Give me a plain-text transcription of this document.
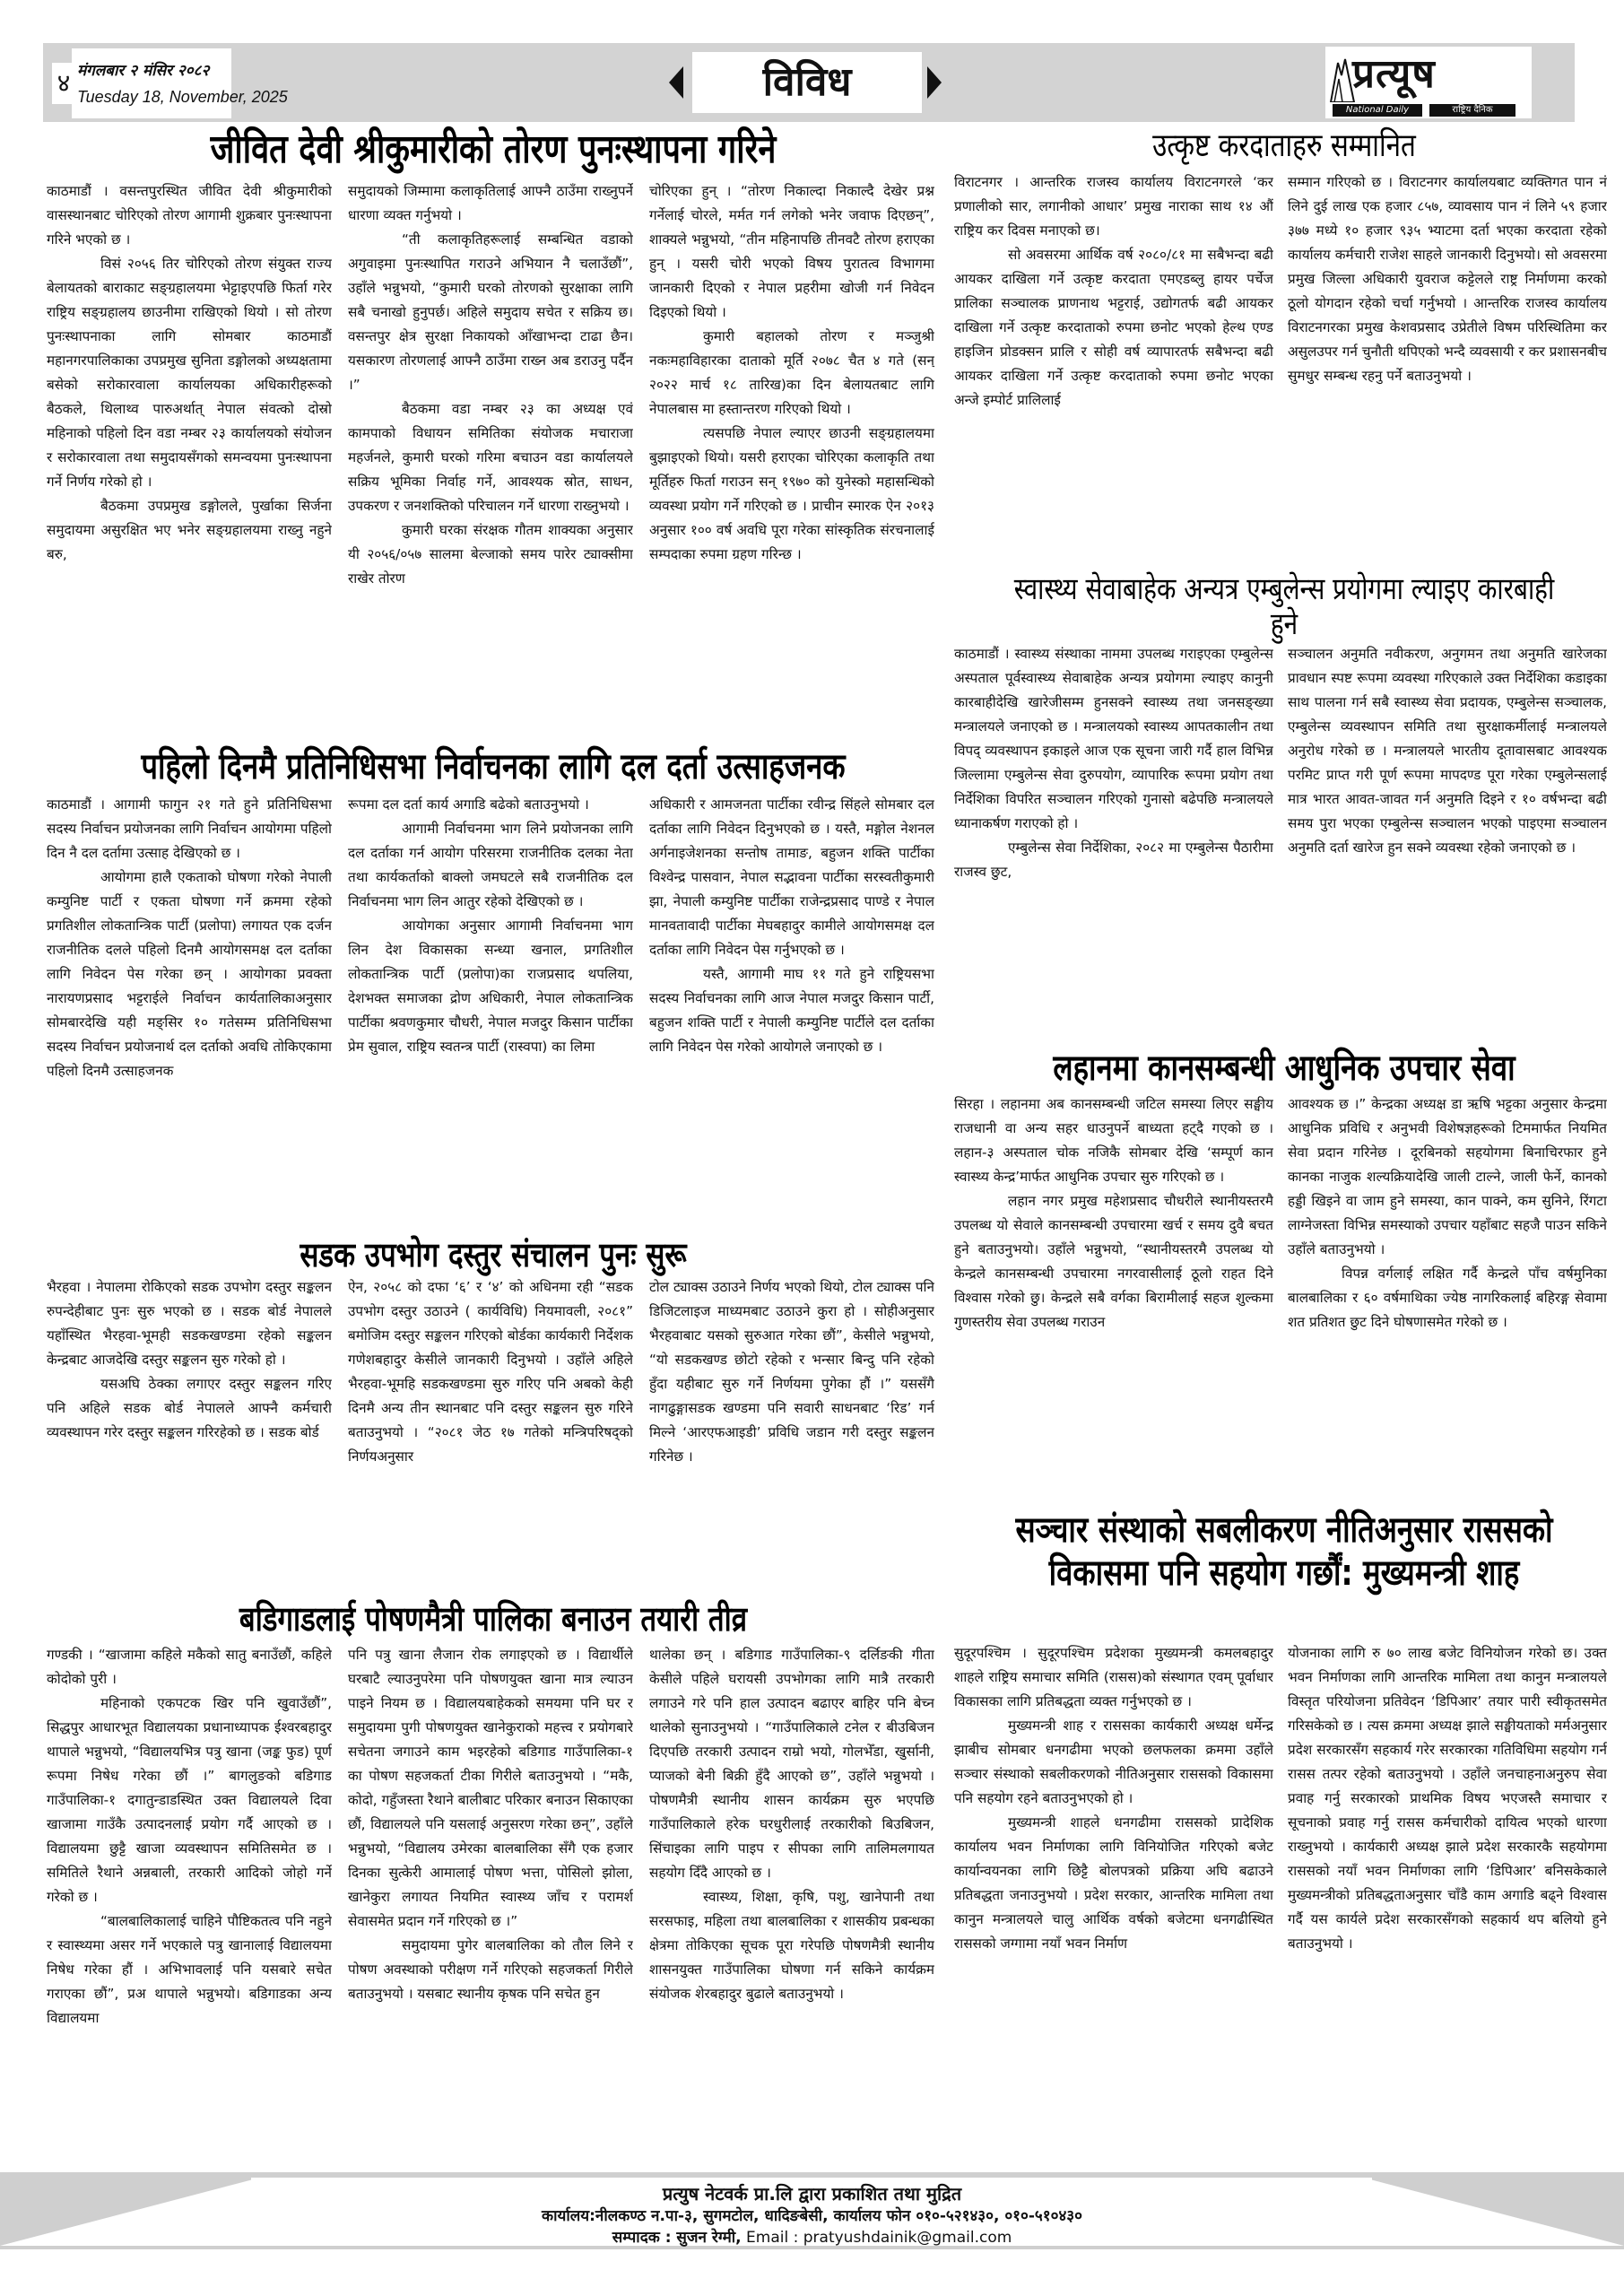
४ मंगलबार २ मंसिर २०८२
Tuesday 18, November, 2025	विविध	प्रत्यूष
National Daily	राष्ट्रिय दैनिक
जीवित देवी श्रीकुमारीको तोरण पुनःस्थापना गरिने

काठमाडौं । वसन्तपुरस्थित जीवित देवी श्रीकुमारीको वासस्थानबाट चोरिएको तोरण आगामी शुक्रबार पुनःस्थापना गरिने भएको छ ।

विसं २०५६ तिर चोरिएको तोरण संयुक्त राज्य बेलायतको बाराकाट सङ्ग्रहालयमा भेट्टाइएपछि फिर्ता गरेर राष्ट्रिय सङ्ग्रहालय छाउनीमा राखिएको थियो । सो तोरण पुनःस्थापनाका लागि सोमबार काठमाडौं महानगरपालिकाका उपप्रमुख सुनिता डङ्गोलको अध्यक्षतामा बसेको सरोकारवाला कार्यालयका अधिकारीहरूको बैठकले, थिलाथ्व पारुअर्थात् नेपाल संवत्को दोस्रो महिनाको पहिलो दिन वडा नम्बर २३ कार्यालयको संयोजन र सरोकारवाला तथा समुदायसँगको समन्वयमा पुनःस्थापना गर्ने निर्णय गरेको हो ।

बैठकमा उपप्रमुख डङ्गोलले, पुर्खाका सिर्जना समुदायमा असुरक्षित भए भनेर सङ्ग्रहालयमा राख्नु नहुने बरु,

समुदायको जिम्मामा कलाकृतिलाई आफ्नै ठाउँमा राख्नुपर्ने धारणा व्यक्त गर्नुभयो ।

“ती कलाकृतिहरूलाई सम्बन्धित वडाको अगुवाइमा पुनःस्थापित गराउने अभियान नै चलाउँछौं”, उहाँले भन्नुभयो, “कुमारी घरको तोरणको सुरक्षाका लागि सबै चनाखो हुनुपर्छ। अहिले समुदाय सचेत र सक्रिय छ। वसन्तपुर क्षेत्र सुरक्षा निकायको आँखाभन्दा टाढा छैन। यसकारण तोरणलाई आफ्नै ठाउँमा राख्न अब डराउनु पर्दैन ।”

बैठकमा वडा नम्बर २३ का अध्यक्ष एवं कामपाको विधायन समितिका संयोजक मचाराजा महर्जनले, कुमारी घरको गरिमा बचाउन वडा कार्यालयले सक्रिय भूमिका निर्वाह गर्ने, आवश्यक स्रोत, साधन, उपकरण र जनशक्तिको परिचालन गर्ने धारणा राख्नुभयो ।

कुमारी घरका संरक्षक गौतम शाक्यका अनुसार यी २०५६/०५७ सालमा बेल्जाको समय पारेर ट्याक्सीमा राखेर तोरण

चोरिएका हुन् । “तोरण निकाल्दा निकाल्दै देखेर प्रश्न गर्नेलाई चोरले, मर्मत गर्न लगेको भनेर जवाफ दिएछन्”, शाक्यले भन्नुभयो, “तीन महिनापछि तीनवटै तोरण हराएका हुन् । यसरी चोरी भएको विषय पुरातत्व विभागमा जानकारी दिएको र नेपाल प्रहरीमा खोजी गर्न निवेदन दिइएको थियो ।

कुमारी बहालको तोरण र मञ्जुश्री नकःमहाविहारका दाताको मूर्ति २०७८ चैत ४ गते (सन् २०२२ मार्च १८ तारिख)का दिन बेलायतबाट लागि नेपालबास मा हस्तान्तरण गरिएको थियो ।

त्यसपछि नेपाल ल्याएर छाउनी सङ्ग्रहालयमा बुझाइएको थियो। यसरी हराएका चोरिएका कलाकृति तथा मूर्तिहरु फिर्ता गराउन सन् १९७० को युनेस्को महासन्धिको व्यवस्था प्रयोग गर्ने गरिएको छ । प्राचीन स्मारक ऐन २०१३ अनुसार १०० वर्ष अवधि पूरा गरेका सांस्कृतिक संरचनालाई सम्पदाका रुपमा ग्रहण गरिन्छ ।

उत्कृष्ट करदाताहरु सम्मानित

विराटनगर । आन्तरिक राजस्व कार्यालय विराटनगरले ‘कर प्रणालीको सार, लगानीको आधार’ प्रमुख नाराका साथ १४ औं राष्ट्रिय कर दिवस मनाएको छ।

सो अवसरमा आर्थिक वर्ष २०८०/८१ मा सबैभन्दा बढी आयकर दाखिला गर्ने उत्कृष्ट करदाता एमएडब्लु हायर पर्चेज प्रालिका सञ्चालक प्राणनाथ भट्टराई, उद्योगतर्फ बढी आयकर दाखिला गर्ने उत्कृष्ट करदाताको रुपमा छनोट भएको हेल्थ एण्ड हाइजिन प्रोडक्सन प्रालि र सोही वर्ष व्यापारतर्फ सबैभन्दा बढी आयकर दाखिला गर्ने उत्कृष्ट करदाताको रुपमा छनोट भएका अन्जे इम्पोर्ट प्रालिलाई

सम्मान गरिएको छ । विराटनगर कार्यालयबाट व्यक्तिगत पान नं लिने दुई लाख एक हजार ८५७, व्यावसाय पान नं लिने ५९ हजार ३७७ मध्ये १० हजार ९३५ भ्याटमा दर्ता भएका करदाता रहेको कार्यालय कर्मचारी राजेश साहले जानकारी दिनुभयो। सो अवसरमा प्रमुख जिल्ला अधिकारी युवराज कट्टेलले राष्ट्र निर्माणमा करको ठूलो योगदान रहेको चर्चा गर्नुभयो । आन्तरिक राजस्व कार्यालय विराटनगरका प्रमुख केशवप्रसाद उप्रेतीले विषम परिस्थितिमा कर असुलउपर गर्न चुनौती थपिएको भन्दै व्यवसायी र कर प्रशासनबीच सुमधुर सम्बन्ध रहनु पर्ने बताउनुभयो ।

स्वास्थ्य सेवाबाहेक अन्यत्र एम्बुलेन्स प्रयोगमा ल्याइए कारबाही हुने

काठमाडौं । स्वास्थ्य संस्थाका नाममा उपलब्ध गराइएका एम्बुलेन्स अस्पताल पूर्वस्वास्थ्य सेवाबाहेक अन्यत्र प्रयोगमा ल्याइए कानुनी कारबाहीदेखि खारेजीसम्म हुनसक्ने स्वास्थ्य तथा जनसङ्ख्या मन्त्रालयले जनाएको छ । मन्त्रालयको स्वास्थ्य आपतकालीन तथा विपद् व्यवस्थापन इकाइले आज एक सूचना जारी गर्दै हाल विभिन्न जिल्लामा एम्बुलेन्स सेवा दुरुपयोग, व्यापारिक रूपमा प्रयोग तथा निर्देशिका विपरित सञ्चालन गरिएको गुनासो बढेपछि मन्त्रालयले ध्यानाकर्षण गराएको हो ।

एम्बुलेन्स सेवा निर्देशिका, २०८२ मा एम्बुलेन्स पैठारीमा राजस्व छुट,

सञ्चालन अनुमति नवीकरण, अनुगमन तथा अनुमति खारेजका प्रावधान स्पष्ट रूपमा व्यवस्था गरिएकाले उक्त निर्देशिका कडाइका साथ पालना गर्न सबै स्वास्थ्य सेवा प्रदायक, एम्बुलेन्स सञ्चालक, एम्बुलेन्स व्यवस्थापन समिति तथा सुरक्षाकर्मीलाई मन्त्रालयले अनुरोध गरेको छ । मन्त्रालयले भारतीय दूतावासबाट आवश्यक परमिट प्राप्त गरी पूर्ण रूपमा मापदण्ड पूरा गरेका एम्बुलेन्सलाई मात्र भारत आवत-जावत गर्न अनुमति दिइने र १० वर्षभन्दा बढी समय पुरा भएका एम्बुलेन्स सञ्चालन भएको पाइएमा सञ्चालन अनुमति दर्ता खारेज हुन सक्ने व्यवस्था रहेको जनाएको छ ।

पहिलो दिनमै प्रतिनिधिसभा निर्वाचनका लागि दल दर्ता उत्साहजनक

काठमाडौं । आगामी फागुन २१ गते हुने प्रतिनिधिसभा सदस्य निर्वाचन प्रयोजनका लागि निर्वाचन आयोगमा पहिलो दिन नै दल दर्तामा उत्साह देखिएको छ ।

आयोगमा हालै एकताको घोषणा गरेको नेपाली कम्युनिष्ट पार्टी र एकता घोषणा गर्ने क्रममा रहेको प्रगतिशील लोकतान्त्रिक पार्टी (प्रलोपा) लगायत एक दर्जन राजनीतिक दलले पहिलो दिनमै आयोगसमक्ष दल दर्ताका लागि निवेदन पेस गरेका छन् । आयोगका प्रवक्ता नारायणप्रसाद भट्टराईले निर्वाचन कार्यतालिकाअनुसार सोमबारदेखि यही मङ्सिर १० गतेसम्म प्रतिनिधिसभा सदस्य निर्वाचन प्रयोजनार्थ दल दर्ताको अवधि तोकिएकामा पहिलो दिनमै उत्साहजनक

रूपमा दल दर्ता कार्य अगाडि बढेको बताउनुभयो ।

आगामी निर्वाचनमा भाग लिने प्रयोजनका लागि दल दर्ताका गर्न आयोग परिसरमा राजनीतिक दलका नेता तथा कार्यकर्ताको बाक्लो जमघटले सबै राजनीतिक दल निर्वाचनमा भाग लिन आतुर रहेको देखिएको छ ।

आयोगका अनुसार आगामी निर्वाचनमा भाग लिन देश विकासका सन्ध्या खनाल, प्रगतिशील लोकतान्त्रिक पार्टी (प्रलोपा)का राजप्रसाद थपलिया, देशभक्त समाजका द्रोण अधिकारी, नेपाल लोकतान्त्रिक पार्टीका श्रवणकुमार चौधरी, नेपाल मजदुर किसान पार्टीका प्रेम सुवाल, राष्ट्रिय स्वतन्त्र पार्टी (रास्वपा) का लिमा

अधिकारी र आमजनता पार्टीका रवीन्द्र सिंहले सोमबार दल दर्ताका लागि निवेदन दिनुभएको छ । यस्तै, मङ्गोल नेशनल अर्गनाइजेशनका सन्तोष तामाङ, बहुजन शक्ति पार्टीका विश्वेन्द्र पासवान, नेपाल सद्भावना पार्टीका सरस्वतीकुमारी झा, नेपाली कम्युनिष्ट पार्टीका राजेन्द्रप्रसाद पाण्डे र नेपाल मानवतावादी पार्टीका मेघबहादुर कामीले आयोगसमक्ष दल दर्ताका लागि निवेदन पेस गर्नुभएको छ ।

यस्तै, आगामी माघ ११ गते हुने राष्ट्रियसभा सदस्य निर्वाचनका लागि आज नेपाल मजदुर किसान पार्टी, बहुजन शक्ति पार्टी र नेपाली कम्युनिष्ट पार्टीले दल दर्ताका लागि निवेदन पेस गरेको आयोगले जनाएको छ ।

लहानमा कानसम्बन्धी आधुनिक उपचार सेवा

सिरहा । लहानमा अब कानसम्बन्धी जटिल समस्या लिएर सङ्घीय राजधानी वा अन्य सहर धाउनुपर्ने बाध्यता हट्दै गएको छ । लहान-३ अस्पताल चोक नजिकै सोमबार देखि ‘सम्पूर्ण कान स्वास्थ्य केन्द्र’मार्फत आधुनिक उपचार सुरु गरिएको छ ।

लहान नगर प्रमुख महेशप्रसाद चौधरीले स्थानीयस्तरमै उपलब्ध यो सेवाले कानसम्बन्धी उपचारमा खर्च र समय दुवै बचत हुने बताउनुभयो। उहाँले भन्नुभयो, “स्थानीयस्तरमै उपलब्ध यो केन्द्रले कानसम्बन्धी उपचारमा नगरवासीलाई ठूलो राहत दिने विश्वास गरेको छु। केन्द्रले सबै वर्गका बिरामीलाई सहज शुल्कमा गुणस्तरीय सेवा उपलब्ध गराउन

आवश्यक छ ।” केन्द्रका अध्यक्ष डा ऋषि भट्टका अनुसार केन्द्रमा आधुनिक प्रविधि र अनुभवी विशेषज्ञहरूको टिममार्फत नियमित सेवा प्रदान गरिनेछ । दूरबिनको सहयोगमा बिनाचिरफार हुने कानका नाजुक शल्यक्रियादेखि जाली टाल्ने, जाली फेर्ने, कानको हड्डी खिइने वा जाम हुने समस्या, कान पाक्ने, कम सुनिने, रिंगटा लाग्नेजस्ता विभिन्न समस्याको उपचार यहाँबाट सहजै पाउन सकिने उहाँले बताउनुभयो ।

विपन्न वर्गलाई लक्षित गर्दै केन्द्रले पाँच वर्षमुनिका बालबालिका र ६० वर्षमाथिका ज्येष्ठ नागरिकलाई बहिरङ्ग सेवामा शत प्रतिशत छुट दिने घोषणासमेत गरेको छ ।

सडक उपभोग दस्तुर संचालन पुनः सुरू

भैरहवा । नेपालमा रोकिएको सडक उपभोग दस्तुर सङ्कलन रुपन्देहीबाट पुनः सुरु भएको छ । सडक बोर्ड नेपालले यहाँस्थित भैरहवा-भूमही सडकखण्डमा रहेको सङ्कलन केन्द्रबाट आजदेखि दस्तुर सङ्कलन सुरु गरेको हो ।

यसअघि ठेक्का लगाएर दस्तुर सङ्कलन गरिए पनि अहिले सडक बोर्ड नेपालले आफ्नै कर्मचारी व्यवस्थापन गरेर दस्तुर सङ्कलन गरिरहेको छ । सडक बोर्ड

ऐन, २०५८ को दफा ‘६’ र ‘४’ को अधिनमा रही “सडक उपभोग दस्तुर उठाउने ( कार्यविधि) नियमावली, २०८१” बमोजिम दस्तुर सङ्कलन गरिएको बोर्डका कार्यकारी निर्देशक गणेशबहादुर केसीले जानकारी दिनुभयो । उहाँले अहिले भैरहवा-भूमहि सडकखण्डमा सुरु गरिए पनि अबको केही दिनमै अन्य तीन स्थानबाट पनि दस्तुर सङ्कलन सुरु गरिने बताउनुभयो । “२०८१ जेठ १७ गतेको मन्त्रिपरिषद्‌को निर्णयअनुसार

टोल ट्याक्स उठाउने निर्णय भएको थियो, टोल ट्याक्स पनि डिजिटलाइज माध्यमबाट उठाउने कुरा हो । सोहीअनुसार भैरहवाबाट यसको सुरुआत गरेका छौं”, केसीले भन्नुभयो, “यो सडकखण्ड छोटो रहेको र भन्सार बिन्दु पनि रहेको हुँदा यहीबाट सुरु गर्ने निर्णयमा पुगेका हौं ।” यससँगै नागढुङ्गासडक खण्डमा पनि सवारी साधनबाट ‘रिड’ गर्न मिल्ने ‘आरएफआइडी’ प्रविधि जडान गरी दस्तुर सङ्कलन गरिनेछ ।

सञ्चार संस्थाको सबलीकरण नीतिअनुसार राससको विकासमा पनि सहयोग गर्छौं: मुख्यमन्त्री शाह

सुदूरपश्चिम । सुदूरपश्चिम प्रदेशका मुख्यमन्त्री कमलबहादुर शाहले राष्ट्रिय समाचार समिति (रासस)को संस्थागत एवम् पूर्वाधार विकासका लागि प्रतिबद्धता व्यक्त गर्नुभएको छ ।

मुख्यमन्त्री शाह र राससका कार्यकारी अध्यक्ष धर्मेन्द्र झाबीच सोमबार धनगढीमा भएको छलफलका क्रममा उहाँले सञ्चार संस्थाको सबलीकरणको नीतिअनुसार राससको विकासमा पनि सहयोग रहने बताउनुभएको हो ।

मुख्यमन्त्री शाहले धनगढीमा राससको प्रादेशिक कार्यालय भवन निर्माणका लागि विनियोजित गरिएको बजेट कार्यान्वयनका लागि छिट्टै बोलपत्रको प्रक्रिया अघि बढाउने प्रतिबद्धता जनाउनुभयो । प्रदेश सरकार, आन्तरिक मामिला तथा कानुन मन्त्रालयले चालु आर्थिक वर्षको बजेटमा धनगढीस्थित राससको जग्गामा नयाँ भवन निर्माण

योजनाका लागि रु ७० लाख बजेट विनियोजन गरेको छ। उक्त भवन निर्माणका लागि आन्तरिक मामिला तथा कानुन मन्त्रालयले विस्तृत परियोजना प्रतिवेदन ‘डिपिआर’ तयार पारी स्वीकृतसमेत गरिसकेको छ । त्यस क्रममा अध्यक्ष झाले सङ्घीयताको मर्मअनुसार प्रदेश सरकारसँग सहकार्य गरेर सरकारका गतिविधिमा सहयोग गर्न रासस तत्पर रहेको बताउनुभयो । उहाँले जनचाहनाअनुरुप सेवा प्रवाह गर्नु सरकारको प्राथमिक विषय भएजस्तै समाचार र सूचनाको प्रवाह गर्नु रासस कर्मचारीको दायित्व भएको धारणा राख्नुभयो । कार्यकारी अध्यक्ष झाले प्रदेश सरकारकै सहयोगमा राससको नयाँ भवन निर्माणका लागि ‘डिपिआर’ बनिसकेकाले मुख्यमन्त्रीको प्रतिबद्धताअनुसार चाँडै काम अगाडि बढ्ने विश्वास गर्दै यस कार्यले प्रदेश सरकारसँगको सहकार्य थप बलियो हुने बताउनुभयो ।

बडिगाडलाई पोषणमैत्री पालिका बनाउन तयारी तीव्र

गण्डकी । “खाजामा कहिले मकैको सातु बनाउँछौं, कहिले कोदोको पुरी ।

महिनाको एकपटक खिर पनि खुवाउँछौं”, सिद्धपुर आधारभूत विद्यालयका प्रधानाध्यापक ईश्वरबहादुर थापाले भन्नुभयो, “विद्यालयभित्र पत्रु खाना (जङ्क फुड) पूर्ण रूपमा निषेध गरेका छौं ।” बागलुङको बडिगाड गाउँपालिका-१ दगातुन्डाडस्थित उक्त विद्यालयले दिवा खाजामा गाउँकै उत्पादनलाई प्रयोग गर्दै आएको छ । विद्यालयमा छुट्टै खाजा व्यवस्थापन समितिसमेत छ । समितिले रैथाने अन्नबाली, तरकारी आदिको जोहो गर्ने गरेको छ ।

“बालबालिकालाई चाहिने पौष्टिकतत्व पनि नहुने र स्वास्थ्यमा असर गर्ने भएकाले पत्रु खानालाई विद्यालयमा निषेध गरेका हौं । अभिभावलाई पनि यसबारे सचेत गराएका छौं”, प्रअ थापाले भन्नुभयो। बडिगाडका अन्य विद्यालयमा

पनि पत्रु खाना लैजान रोक लगाइएको छ । विद्यार्थीले घरबाटै ल्याउनुपरेमा पनि पोषणयुक्त खाना मात्र ल्याउन पाइने नियम छ । विद्यालयबाहेकको समयमा पनि घर र समुदायमा पुगी पोषणयुक्त खानेकुराको महत्त्व र प्रयोगबारे सचेतना जगाउने काम भइरहेको बडिगाड गाउँपालिका-१ का पोषण सहजकर्ता टीका गिरीले बताउनुभयो । “मकै, कोदो, गहुँजस्ता रैथाने बालीबाट परिकार बनाउन सिकाएका छौं, विद्यालयले पनि यसलाई अनुसरण गरेका छन्”, उहाँले भन्नुभयो, “विद्यालय उमेरका बालबालिका सँगै एक हजार दिनका सुत्केरी आमालाई पोषण भत्ता, पोसिलो झोला, खानेकुरा लगायत नियमित स्वास्थ्य जाँच र परामर्श सेवासमेत प्रदान गर्ने गरिएको छ ।”

समुदायमा पुगेर बालबालिका को तौल लिने र पोषण अवस्थाको परीक्षण गर्ने गरिएको सहजकर्ता गिरीले बताउनुभयो । यसबाट स्थानीय कृषक पनि सचेत हुन

थालेका छन् । बडिगाड गाउँपालिका-९ दर्लिङकी गीता केसीले पहिले घरायसी उपभोगका लागि मात्रै तरकारी लगाउने गरे पनि हाल उत्पादन बढाएर बाहिर पनि बेच्न थालेको सुनाउनुभयो । “गाउँपालिकाले टनेल र बीउबिजन दिएपछि तरकारी उत्पादन राम्रो भयो, गोलभेँडा, खुर्सानी, प्याजको बेनी बिक्री हुँदै आएको छ”, उहाँले भन्नुभयो । पोषणमैत्री स्थानीय शासन कार्यक्रम सुरु भएपछि गाउँपालिकाले हरेक घरधुरीलाई तरकारीको बिउबिजन, सिंचाइका लागि पाइप र सीपका लागि तालिमलगायत सहयोग दिँदै आएको छ ।

स्वास्थ्य, शिक्षा, कृषि, पशु, खानेपानी तथा सरसफाइ, महिला तथा बालबालिका र शासकीय प्रबन्धका क्षेत्रमा तोकिएका सूचक पूरा गरेपछि पोषणमैत्री स्थानीय शासनयुक्त गाउँपालिका घोषणा गर्न सकिने कार्यक्रम संयोजक शेरबहादुर बुढाले बताउनुभयो ।

प्रत्युष नेटवर्क प्रा.लि द्वारा प्रकाशित तथा मुद्रित
कार्यालय:नीलकण्ठ न.पा-३, सुगमटोल, धादिङबेसी, कार्यालय फोन ०१०-५२१४३०, ०१०-५१०४३०
सम्पादक : सुजन रेग्मी, Email : pratyushdainik@gmail.com
